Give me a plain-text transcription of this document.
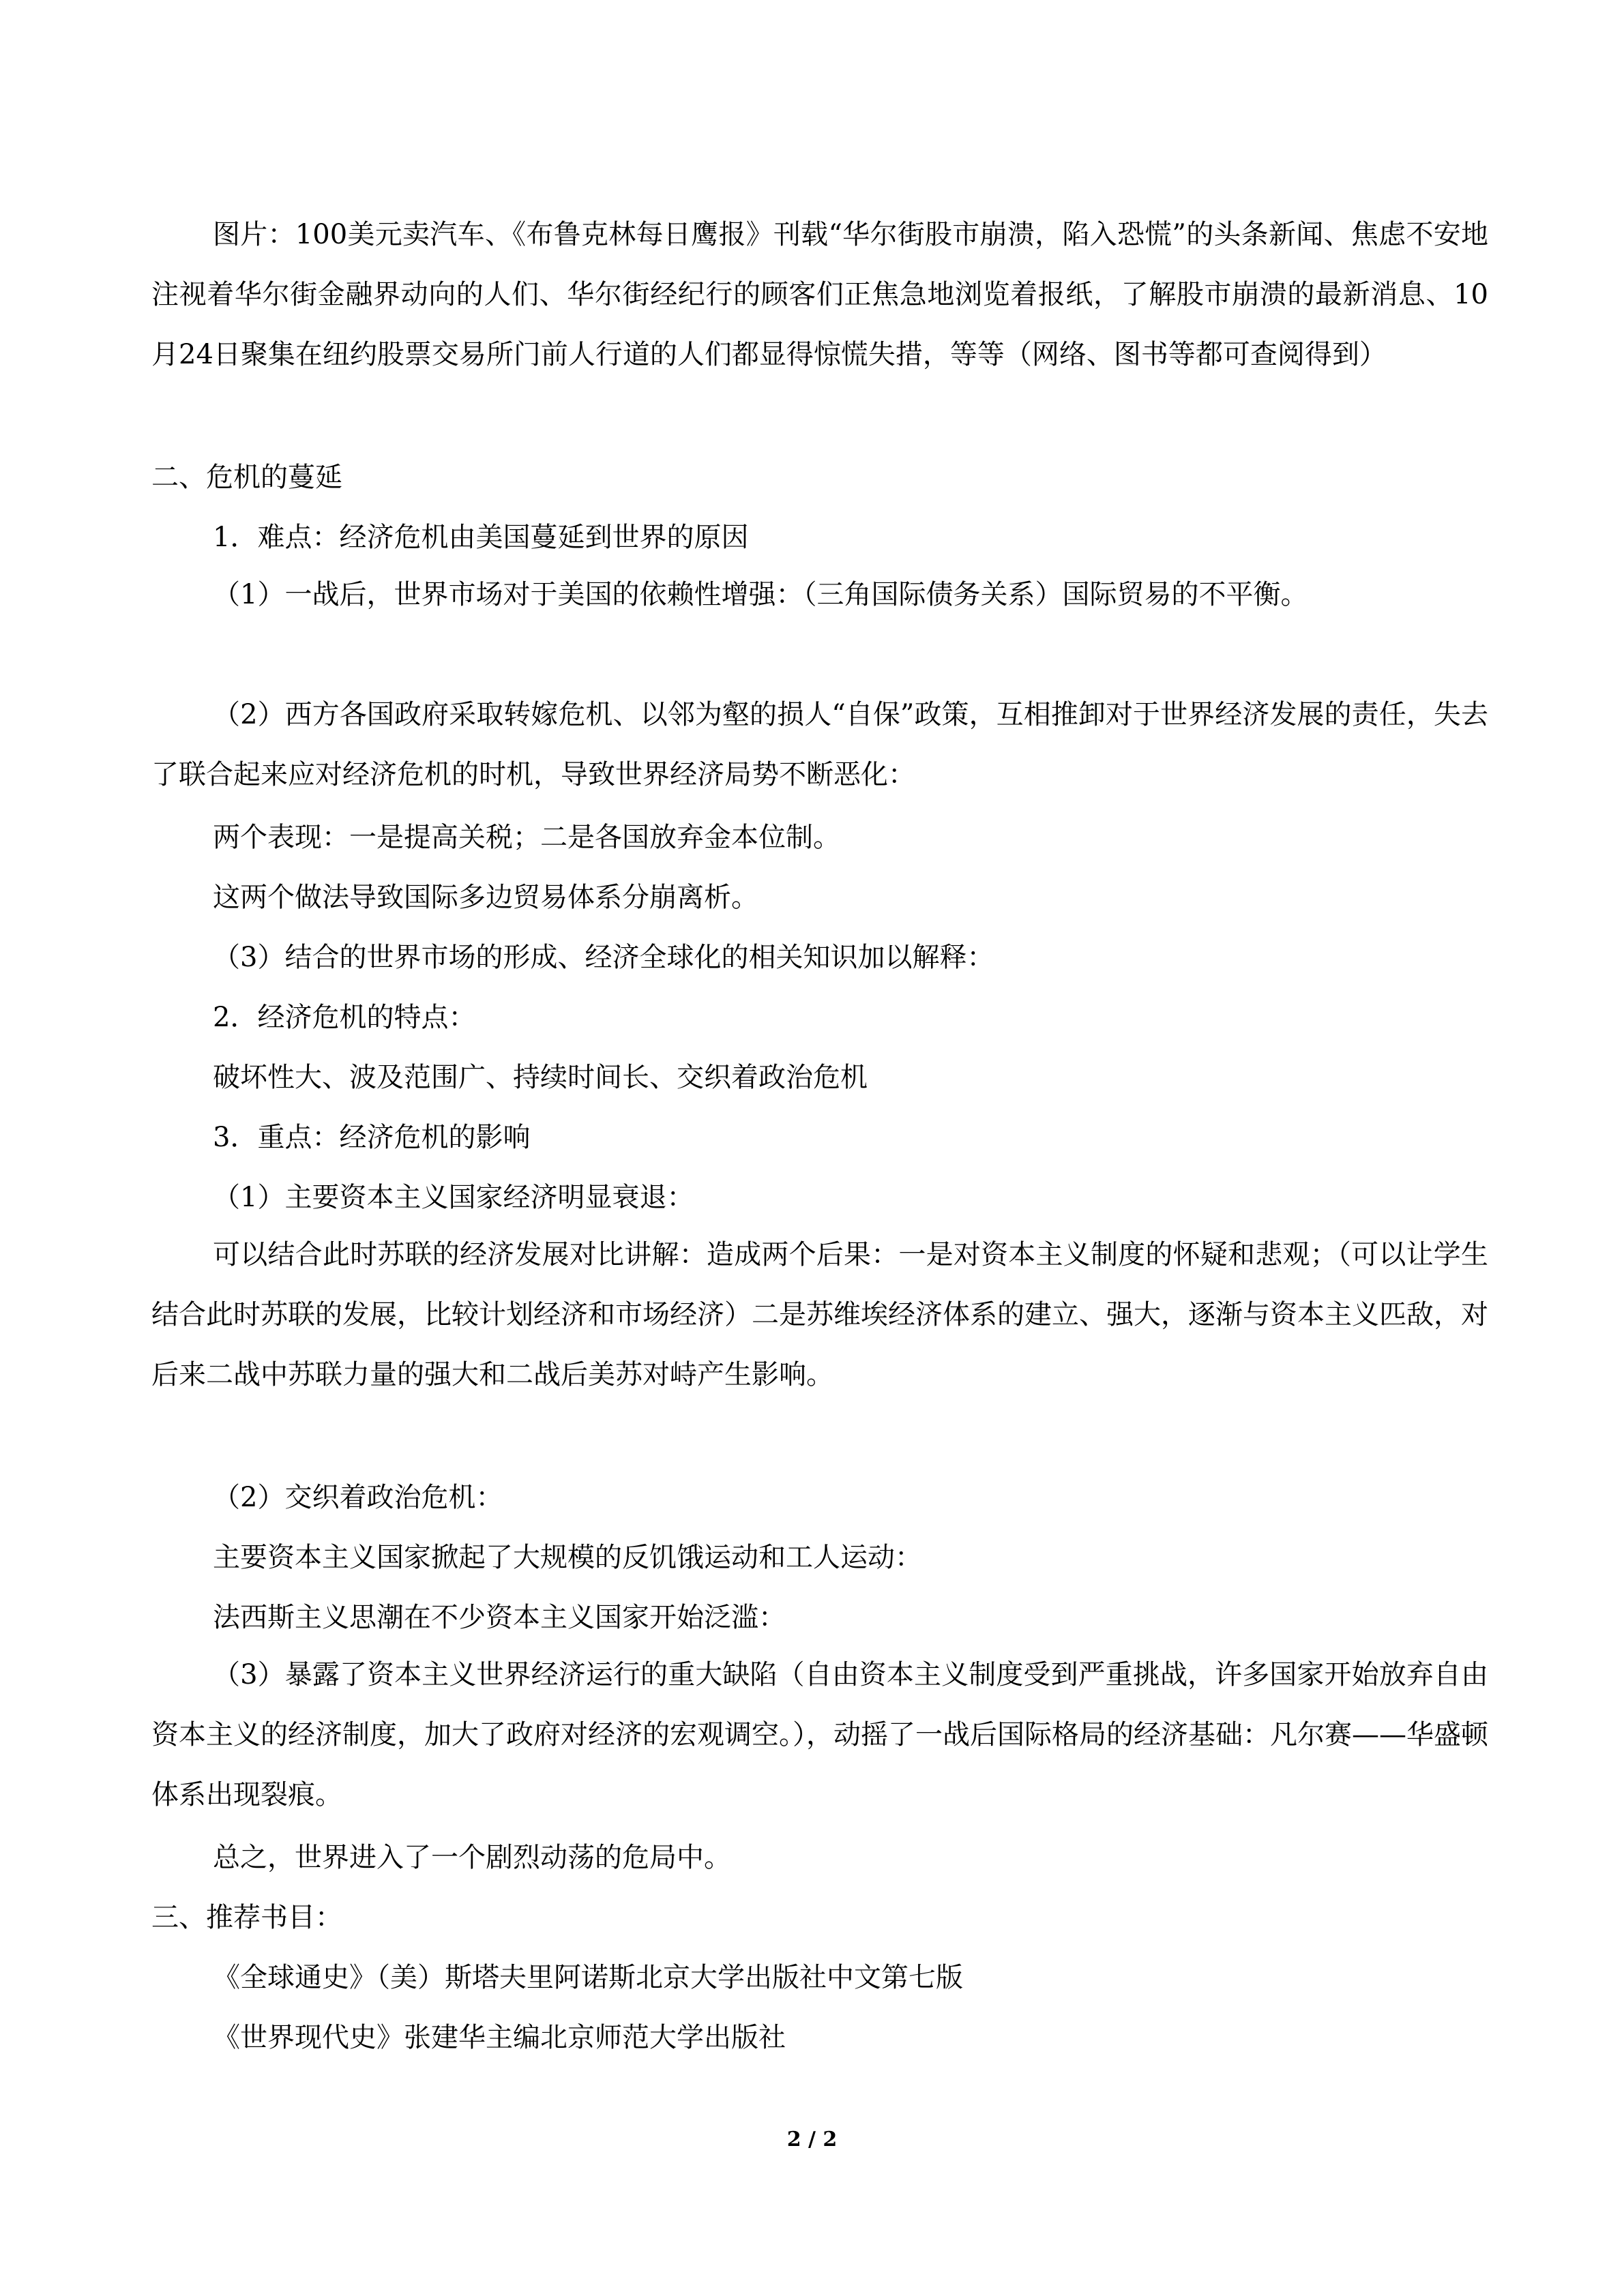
图片：100美元卖汽车、《布鲁克林每日鹰报》刊载“华尔街股市崩溃，陷入恐慌”的头条新闻、焦虑不安地注视着华尔街金融界动向的人们、华尔街经纪行的顾客们正焦急地浏览着报纸，了解股市崩溃的最新消息、10月24日聚集在纽约股票交易所门前人行道的人们都显得惊慌失措，等等（网络、图书等都可查阅得到）
二、危机的蔓延
1．难点：经济危机由美国蔓延到世界的原因
（1）一战后，世界市场对于美国的依赖性增强：（三角国际债务关系）国际贸易的不平衡。
（2）西方各国政府采取转嫁危机、以邻为壑的损人“自保”政策，互相推卸对于世界经济发展的责任，失去了联合起来应对经济危机的时机，导致世界经济局势不断恶化：
两个表现：一是提高关税；二是各国放弃金本位制。
这两个做法导致国际多边贸易体系分崩离析。
（3）结合的世界市场的形成、经济全球化的相关知识加以解释：
2．经济危机的特点：
破坏性大、波及范围广、持续时间长、交织着政治危机
3．重点：经济危机的影响
（1）主要资本主义国家经济明显衰退：
可以结合此时苏联的经济发展对比讲解：造成两个后果：一是对资本主义制度的怀疑和悲观；（可以让学生结合此时苏联的发展，比较计划经济和市场经济）二是苏维埃经济体系的建立、强大，逐渐与资本主义匹敌，对后来二战中苏联力量的强大和二战后美苏对峙产生影响。
（2）交织着政治危机：
主要资本主义国家掀起了大规模的反饥饿运动和工人运动：
法西斯主义思潮在不少资本主义国家开始泛滥：
（3）暴露了资本主义世界经济运行的重大缺陷（自由资本主义制度受到严重挑战，许多国家开始放弃自由资本主义的经济制度，加大了政府对经济的宏观调空。），动摇了一战后国际格局的经济基础：凡尔赛——华盛顿体系出现裂痕。
总之，世界进入了一个剧烈动荡的危局中。
三、推荐书目：
《全球通史》（美）斯塔夫里阿诺斯北京大学出版社中文第七版
《世界现代史》张建华主编北京师范大学出版社
2 / 2
